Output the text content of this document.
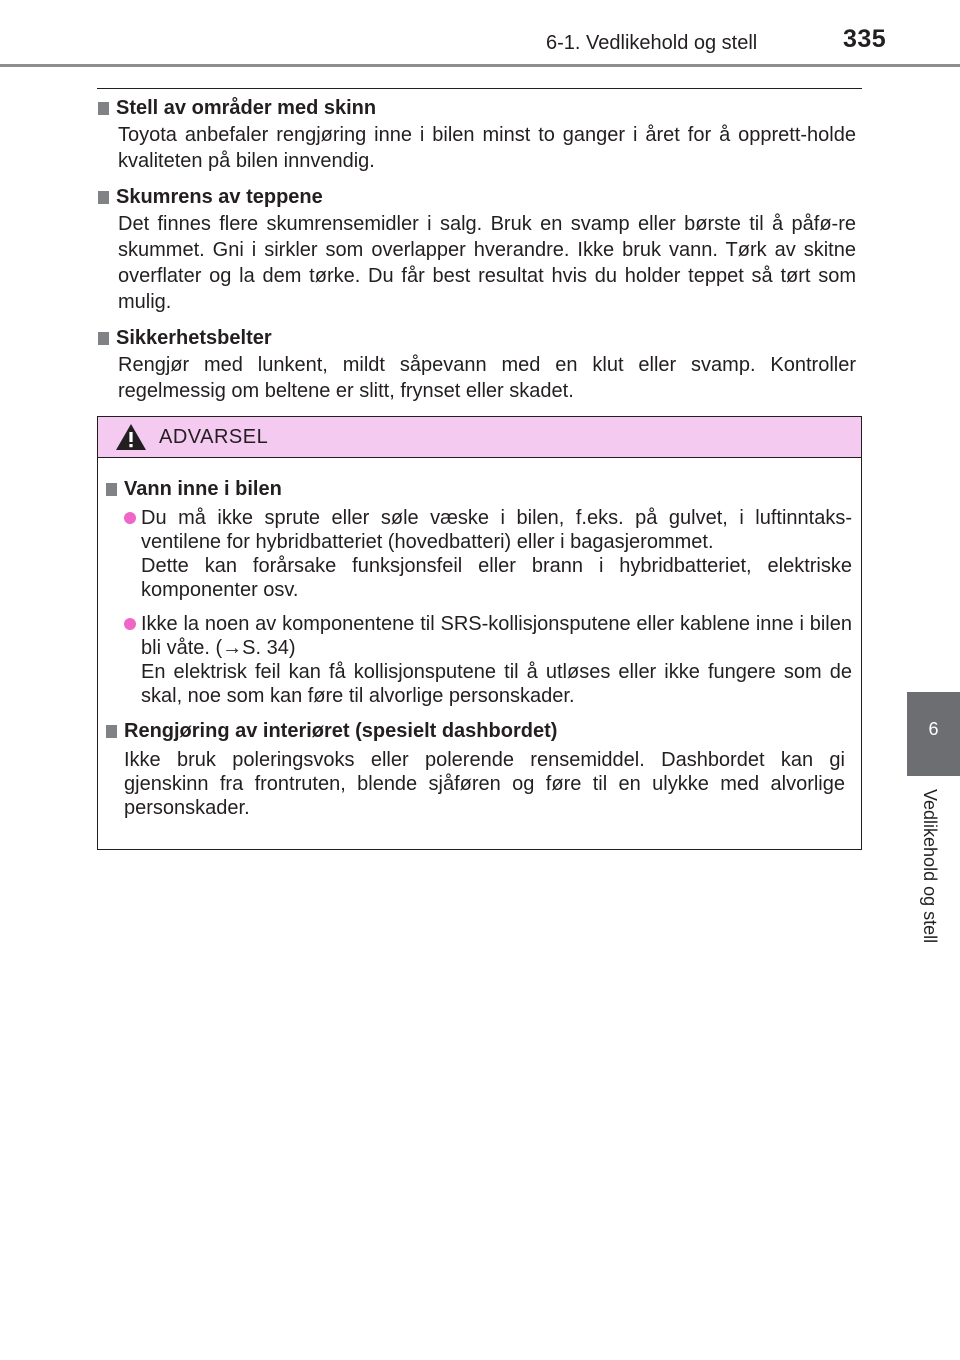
6-1. Vedlikehold og stell	335
6
Vedlikehold og stell
Stell av områder med skinn

Toyota anbefaler rengjøring inne i bilen minst to ganger i året for å opprett-holde kvaliteten på bilen innvendig.

Skumrens av teppene

Det finnes flere skumrensemidler i salg. Bruk en svamp eller børste til å påfø-re skummet. Gni i sirkler som overlapper hverandre. Ikke bruk vann. Tørk av skitne overflater og la dem tørke. Du får best resultat hvis du holder teppet så tørt som mulig.

Sikkerhetsbelter

Rengjør med lunkent, mildt såpevann med en klut eller svamp. Kontroller regelmessig om beltene er slitt, frynset eller skadet.

ADVARSEL
Vann inne i bilen

Du må ikke sprute eller søle væske i bilen, f.eks. på gulvet, i luftinntaks-ventilene for hybridbatteriet (hovedbatteri) eller i bagasjerommet.

Dette kan forårsake funksjonsfeil eller brann i hybridbatteriet, elektriske komponenter osv.

Ikke la noen av komponentene til SRS-kollisjonsputene eller kablene inne i bilen bli våte. (→S. 34)

En elektrisk feil kan få kollisjonsputene til å utløses eller ikke fungere som de skal, noe som kan føre til alvorlige personskader.

Rengjøring av interiøret (spesielt dashbordet)

Ikke bruk poleringsvoks eller polerende rensemiddel. Dashbordet kan gi gjenskinn fra frontruten, blende sjåføren og føre til en ulykke med alvorlige personskader.
